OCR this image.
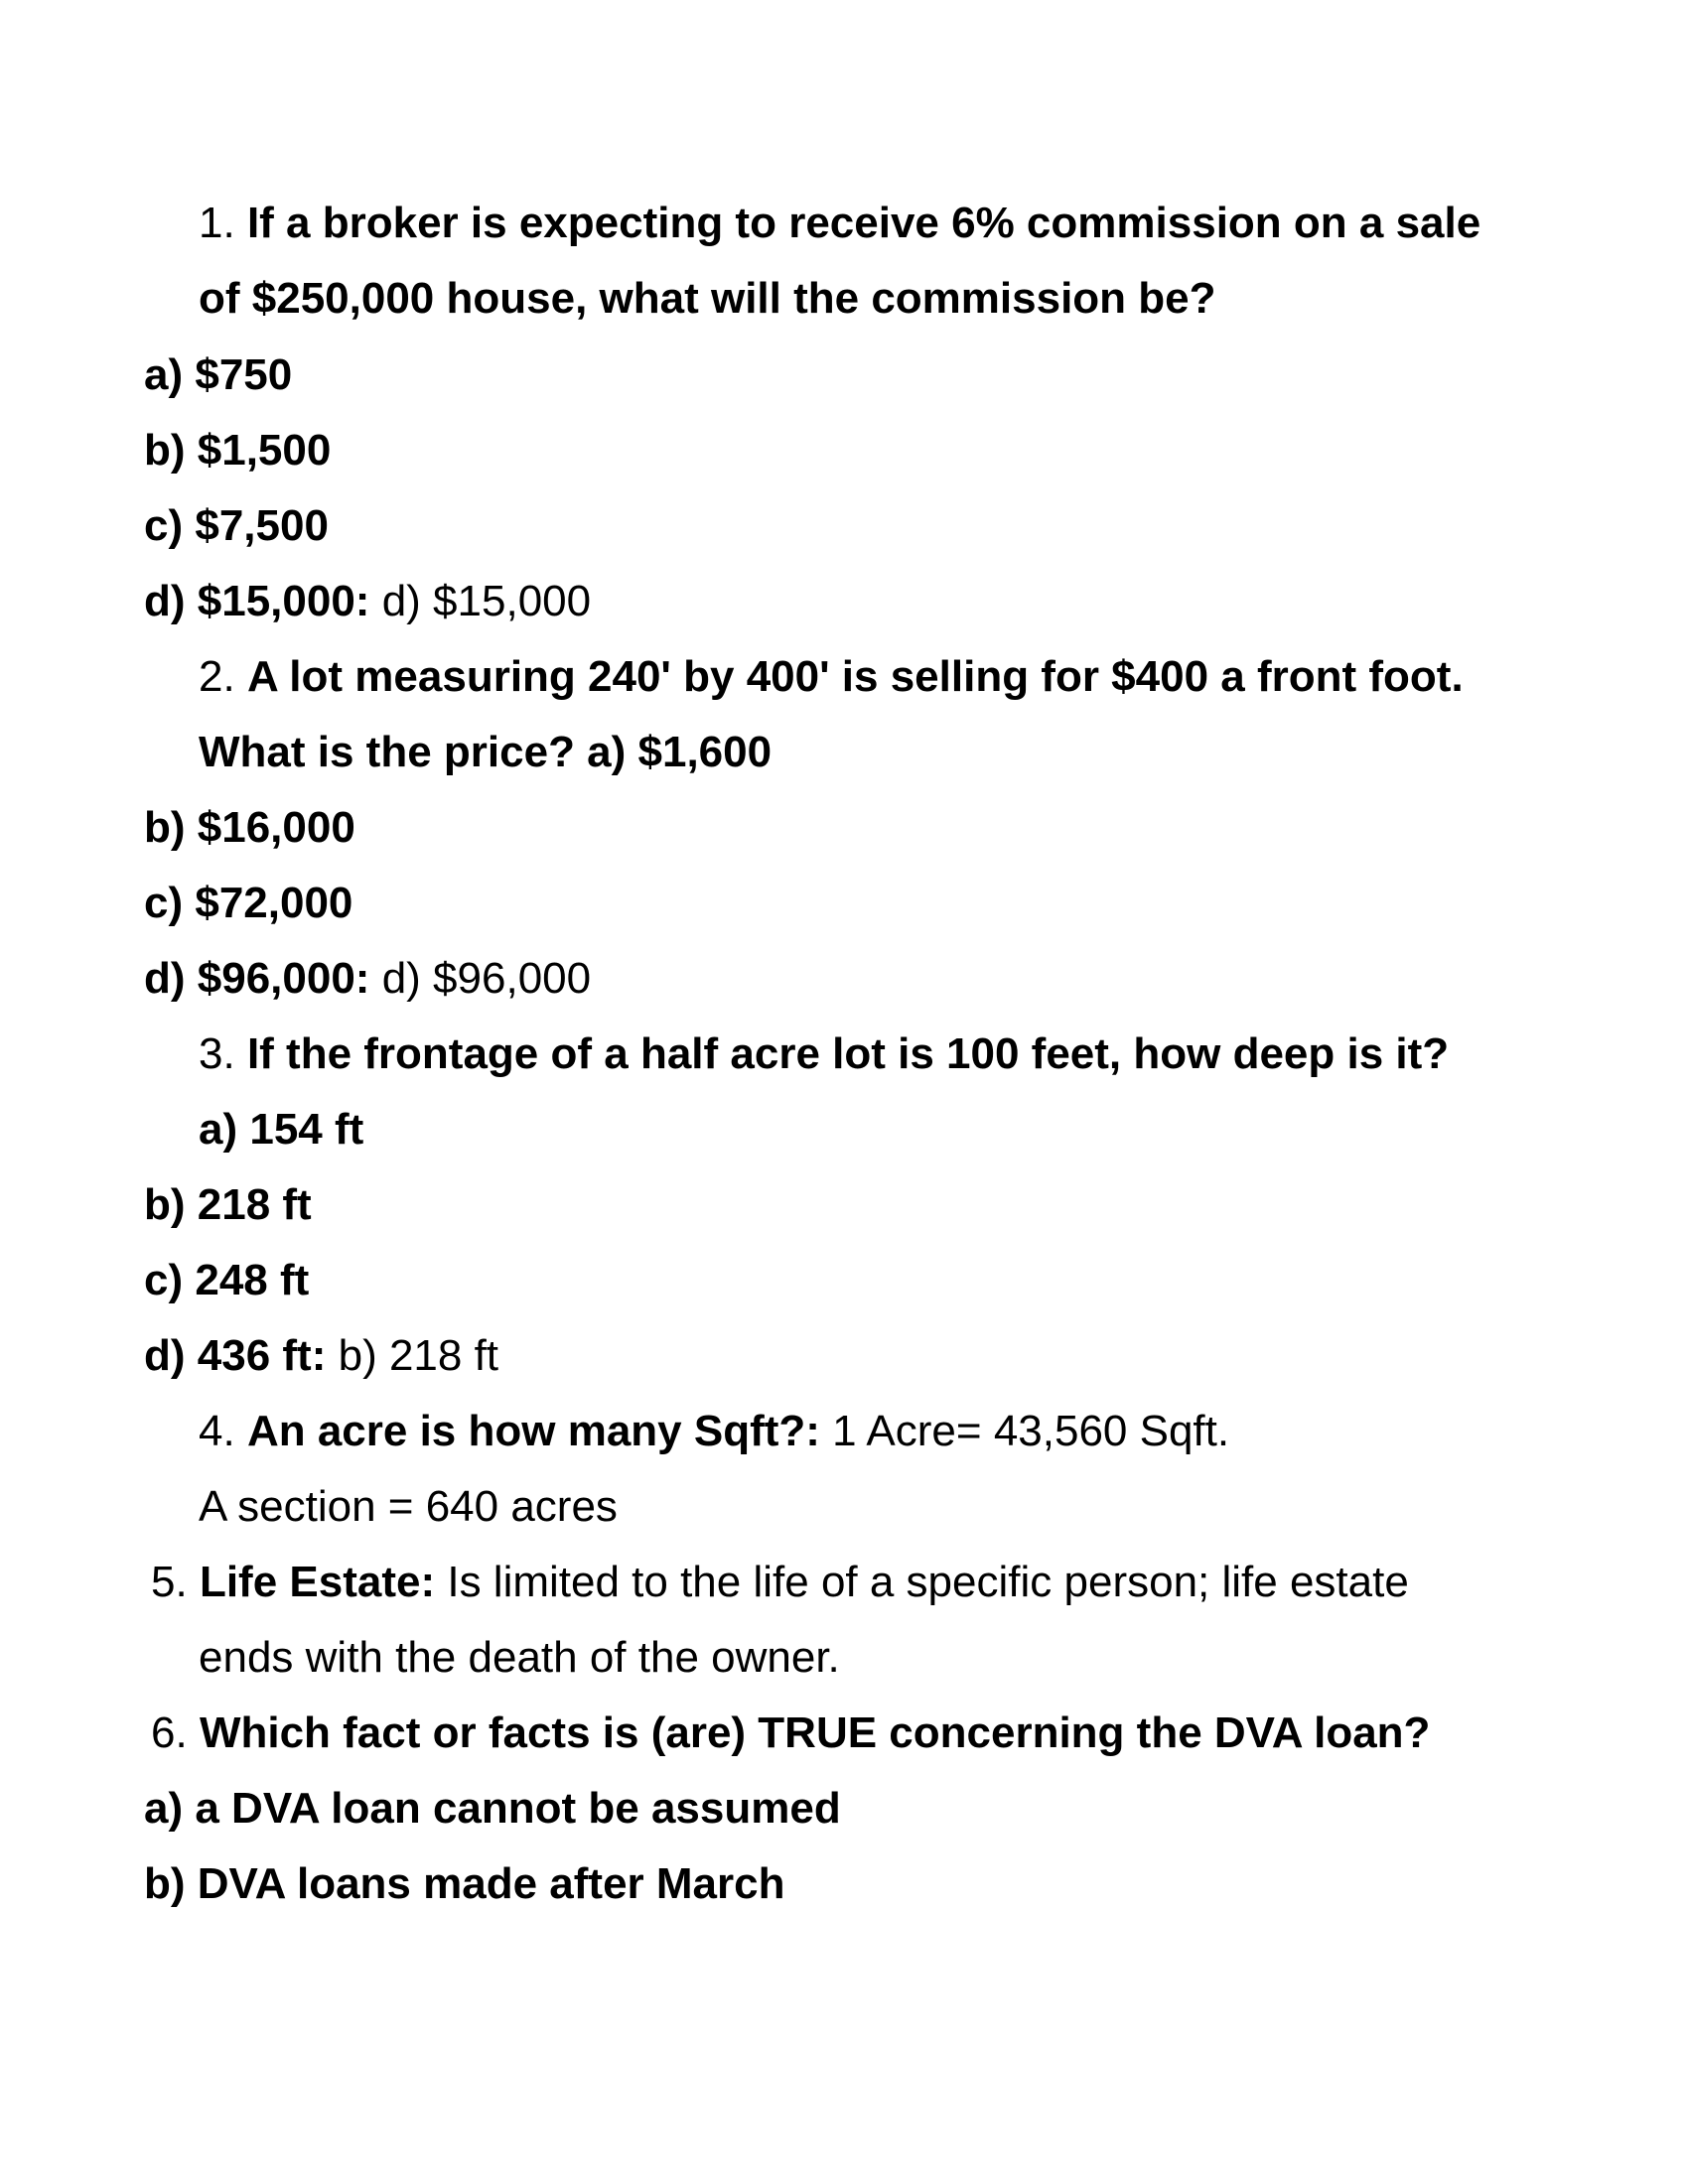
1. If a broker is expecting to receive 6% commission on a sale
of $250,000 house, what will the commission be?
a) $750
b) $1,500
c) $7,500
d) $15,000: d) $15,000
2. A lot measuring 240' by 400' is selling for $400 a front foot.
What is the price? a) $1,600
b) $16,000
c) $72,000
d) $96,000: d) $96,000
3. If the frontage of a half acre lot is 100 feet, how deep is it?
a) 154 ft
b) 218 ft
c) 248 ft
d) 436 ft: b) 218 ft
4. An acre is how many Sqft?: 1 Acre= 43,560 Sqft.
A section = 640 acres
5. Life Estate: Is limited to the life of a specific person; life estate
ends with the death of the owner.
6. Which fact or facts is (are) TRUE concerning the DVA loan?
a) a DVA loan cannot be assumed
b) DVA loans made after March
